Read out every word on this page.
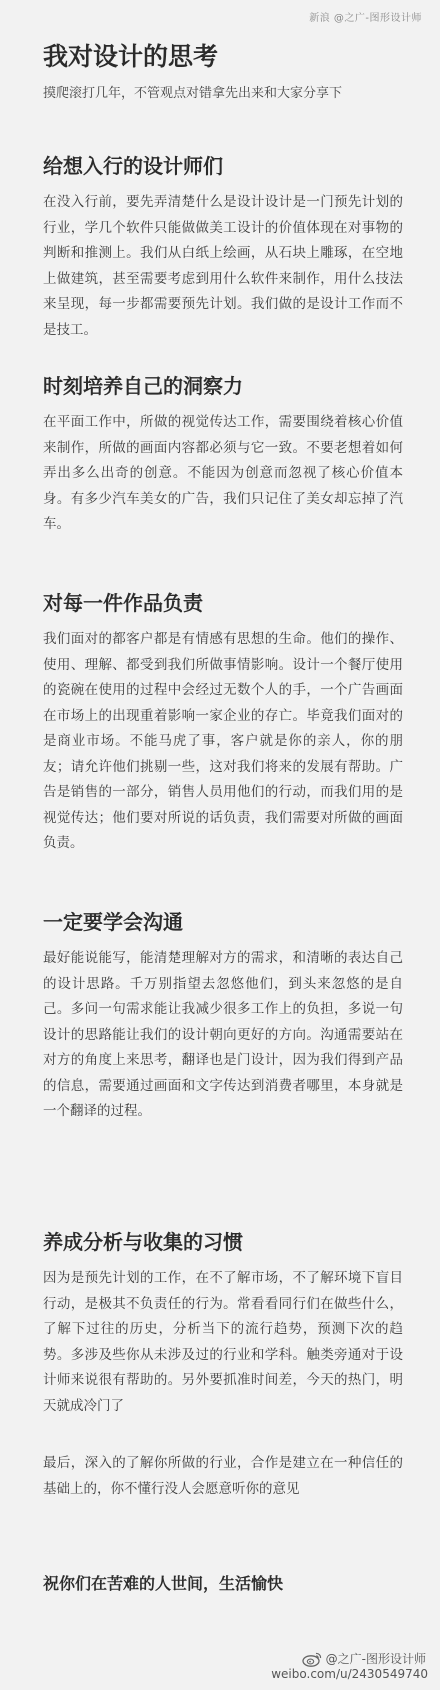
新浪 @之广-图形设计师
我对设计的思考

摸爬滚打几年，不管观点对错拿先出来和大家分享下

给想入行的设计师们

在没入行前，要先弄清楚什么是设计设计是一门预先计划的行业，学几个软件只能做做美工设计的价值体现在对事物的判断和推测上。我们从白纸上绘画，从石块上雕琢，在空地上做建筑，甚至需要考虑到用什么软件来制作，用什么技法来呈现，每一步都需要预先计划。我们做的是设计工作而不是技工。

时刻培养自己的洞察力

在平面工作中，所做的视觉传达工作，需要围绕着核心价值来制作，所做的画面内容都必须与它一致。不要老想着如何弄出多么出奇的创意。不能因为创意而忽视了核心价值本身。有多少汽车美女的广告，我们只记住了美女却忘掉了汽车。

对每一件作品负责

我们面对的都客户都是有情感有思想的生命。他们的操作、使用、理解、都受到我们所做事情影响。设计一个餐厅使用的瓷碗在使用的过程中会经过无数个人的手，一个广告画面在市场上的出现重着影响一家企业的存亡。毕竟我们面对的是商业市场。不能马虎了事，客户就是你的亲人，你的朋友；请允许他们挑剔一些，这对我们将来的发展有帮助。广告是销售的一部分，销售人员用他们的行动，而我们用的是视觉传达；他们要对所说的话负责，我们需要对所做的画面负责。

一定要学会沟通

最好能说能写，能清楚理解对方的需求，和清晰的表达自己的设计思路。千万别指望去忽悠他们，到头来忽悠的是自己。多问一句需求能让我减少很多工作上的负担，多说一句设计的思路能让我们的设计朝向更好的方向。沟通需要站在对方的角度上来思考，翻译也是门设计，因为我们得到产品的信息，需要通过画面和文字传达到消费者哪里，本身就是一个翻译的过程。

养成分析与收集的习惯

因为是预先计划的工作，在不了解市场，不了解环境下盲目行动，是极其不负责任的行为。常看看同行们在做些什么，了解下过往的历史，分析当下的流行趋势，预测下次的趋势。多涉及些你从未涉及过的行业和学科。触类旁通对于设计师来说很有帮助的。另外要抓准时间差，今天的热门，明天就成冷门了

最后，深入的了解你所做的行业，合作是建立在一种信任的基础上的，你不懂行没人会愿意听你的意见

祝你们在苦难的人世间，生活愉快

@之广-图形设计师
weibo.com/u/2430549740
